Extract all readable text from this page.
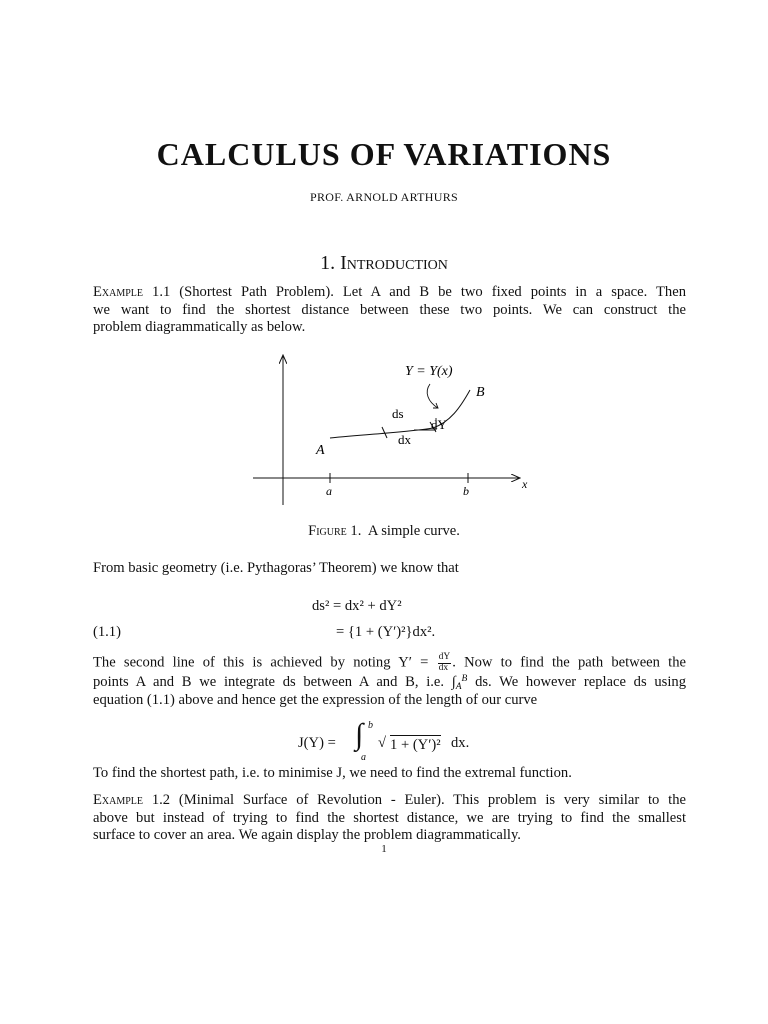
CALCULUS OF VARIATIONS
PROF. ARNOLD ARTHURS
1. Introduction
Example 1.1 (Shortest Path Problem). Let A and B be two fixed points in a space. Then
we want to find the shortest distance between these two points. We can construct the
problem diagrammatically as below.
Y = Y(x)
B
A
ds
dx
dY
a	b	x
Figure 1. A simple curve.
From basic geometry (i.e. Pythagoras’ Theorem) we know that
ds² = dx² + dY²
(1.1)	= {1 + (Y′)²}dx².
The second line of this is achieved by noting $Y' = \frac{dY}{dx}$ . Now to find the path between the
points A and B we integrate ds between A and B, i.e. $\int_A^B$ ds. We however replace ds using
equation (1.1) above and hence get the expression of the length of our curve
J(Y) = ∫ b
a
√ 1 + (Y′)² dx.
To find the shortest path, i.e. to minimise J, we need to find the extremal function.
Example 1.2 (Minimal Surface of Revolution - Euler). This problem is very similar to the
above but instead of trying to find the shortest distance, we are trying to find the smallest
surface to cover an area. We again display the problem diagrammatically.
1
